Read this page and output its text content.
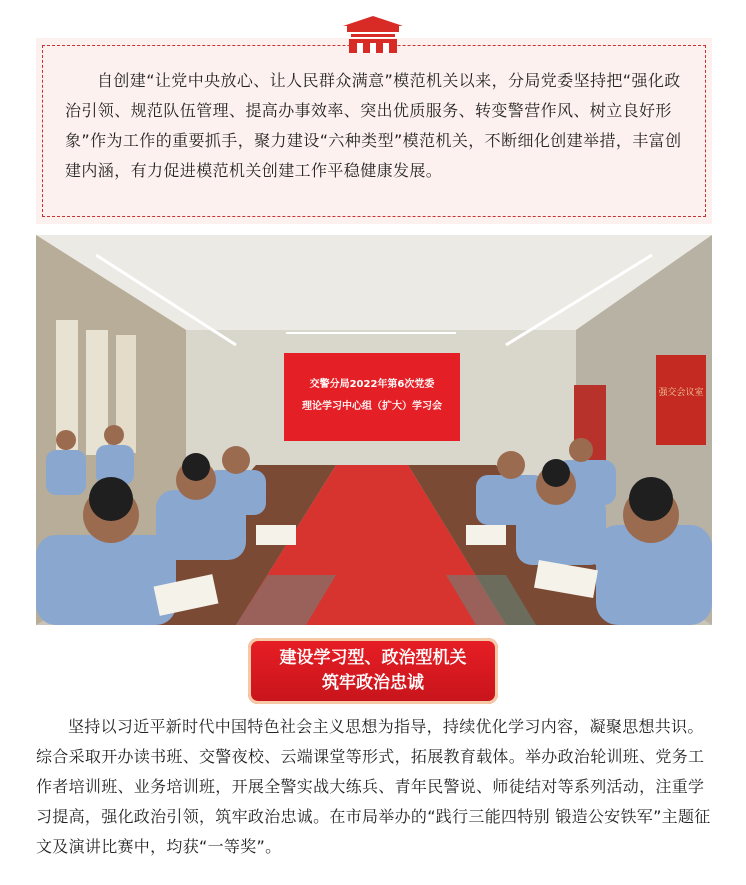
自创建“让党中央放心、让人民群众满意”模范机关以来，分局党委坚持把“强化政治引领、规范队伍管理、提高办事效率、突出优质服务、转变警营作风、树立良好形象”作为工作的重要抓手，聚力建设“六种类型”模范机关，不断细化创建举措，丰富创建内涵，有力促进模范机关创建工作平稳健康发展。

强交会议室
交警分局2022年第6次党委
理论学习中心组（扩大）学习会
建设学习型、政治型机关
筑牢政治忠诚

坚持以习近平新时代中国特色社会主义思想为指导，持续优化学习内容，凝聚思想共识。综合采取开办读书班、交警夜校、云端课堂等形式，拓展教育载体。举办政治轮训班、党务工作者培训班、业务培训班，开展全警实战大练兵、青年民警说、师徒结对等系列活动，注重学习提高，强化政治引领，筑牢政治忠诚。在市局举办的“践行三能四特别 锻造公安铁军”主题征文及演讲比赛中，均获“一等奖”。
